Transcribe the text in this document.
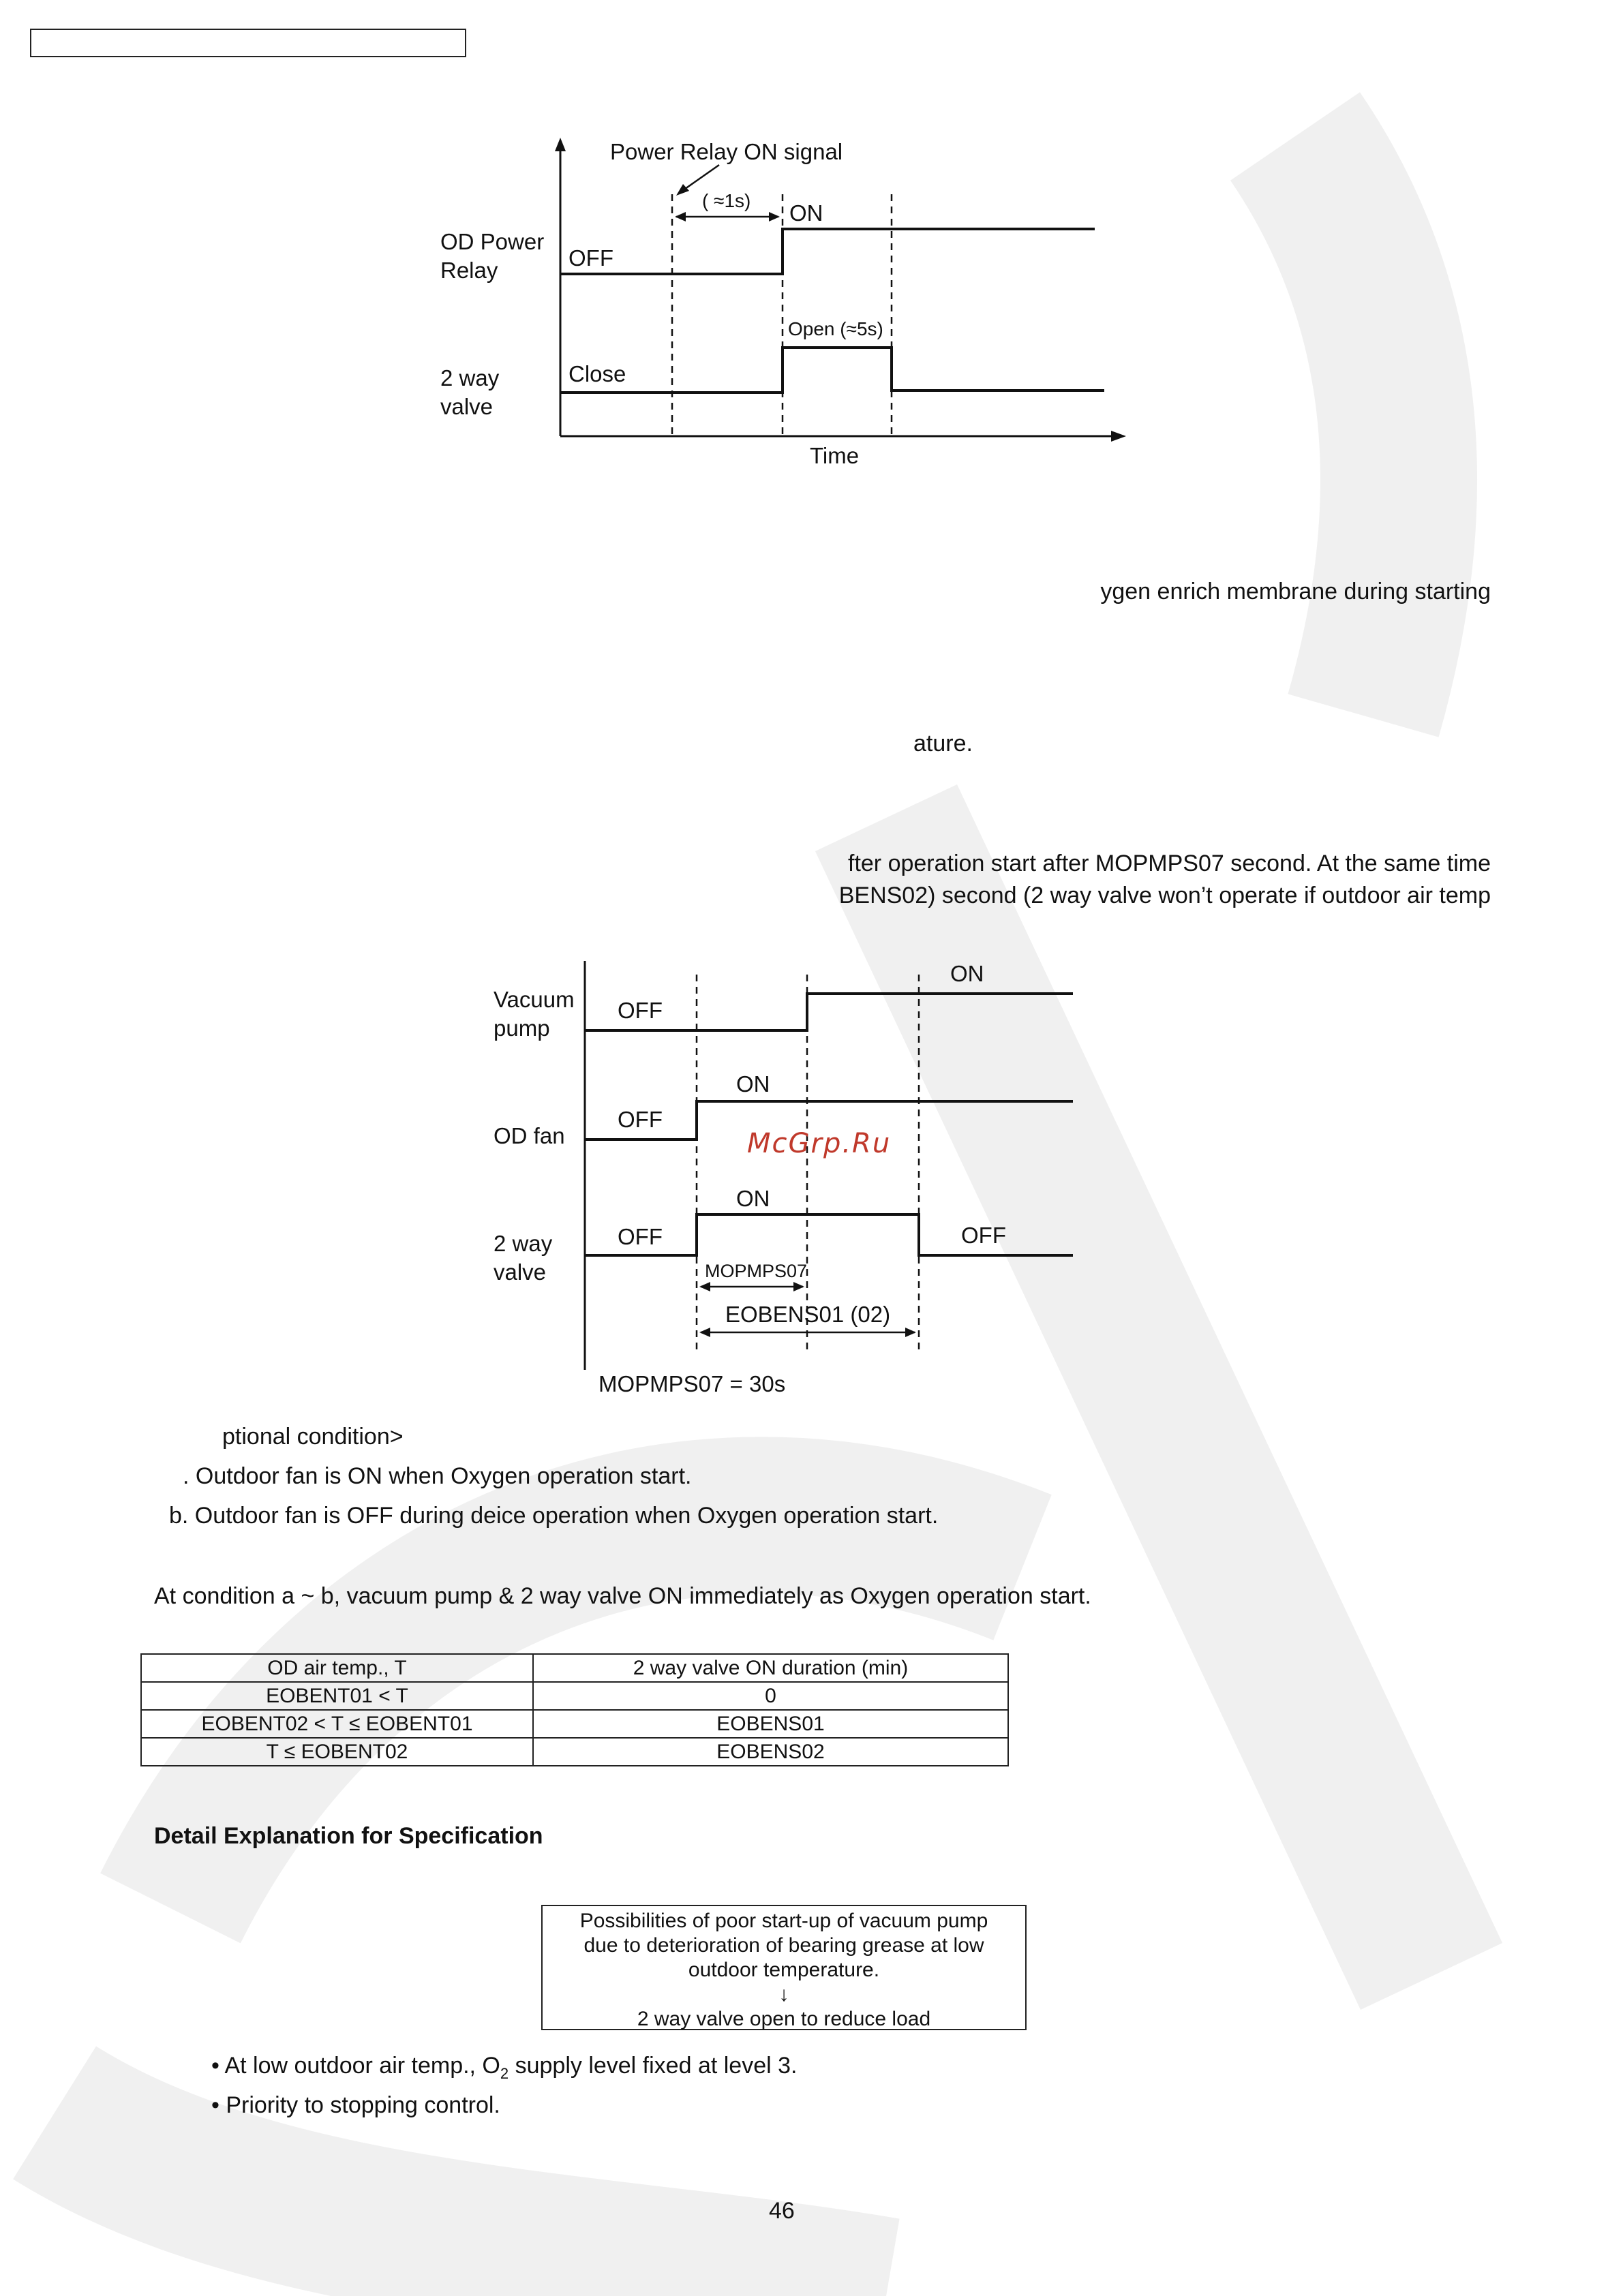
Power Relay ON signal
( ≈1s) ON
OD Power
Relay	OFF
Open (≈5s)
2 way
valve
Close
Time
ygen enrich membrane during starting
ature.
fter operation start after MOPMPS07 second. At the same time
BENS02) second (2 way valve won’t operate if outdoor air temp
Vacuum
pump
OFF
ON
OD fan
OFF
ON
2 way
valve
OFF
ON
OFF
MOPMPS07
EOBENS01 (02)
MOPMPS07 = 30s
McGrp.Ru
ptional condition>
. Outdoor fan is ON when Oxygen operation start.
b. Outdoor fan is OFF during deice operation when Oxygen operation start.
At condition a ~ b, vacuum pump & 2 way valve ON immediately as Oxygen operation start.
OD air temp., T	2 way valve ON duration (min)
EOBENT01 < T	0
EOBENT02 < T ≤ EOBENT01	EOBENS01
T ≤ EOBENT02	EOBENS02
Detail Explanation for Specification
Possibilities of poor start-up of vacuum pump
due to deterioration of bearing grease at low
outdoor temperature.
↓
2 way valve open to reduce load
• At low outdoor air temp., $O_2$ supply level fixed at level 3.
• Priority to stopping control.
46
